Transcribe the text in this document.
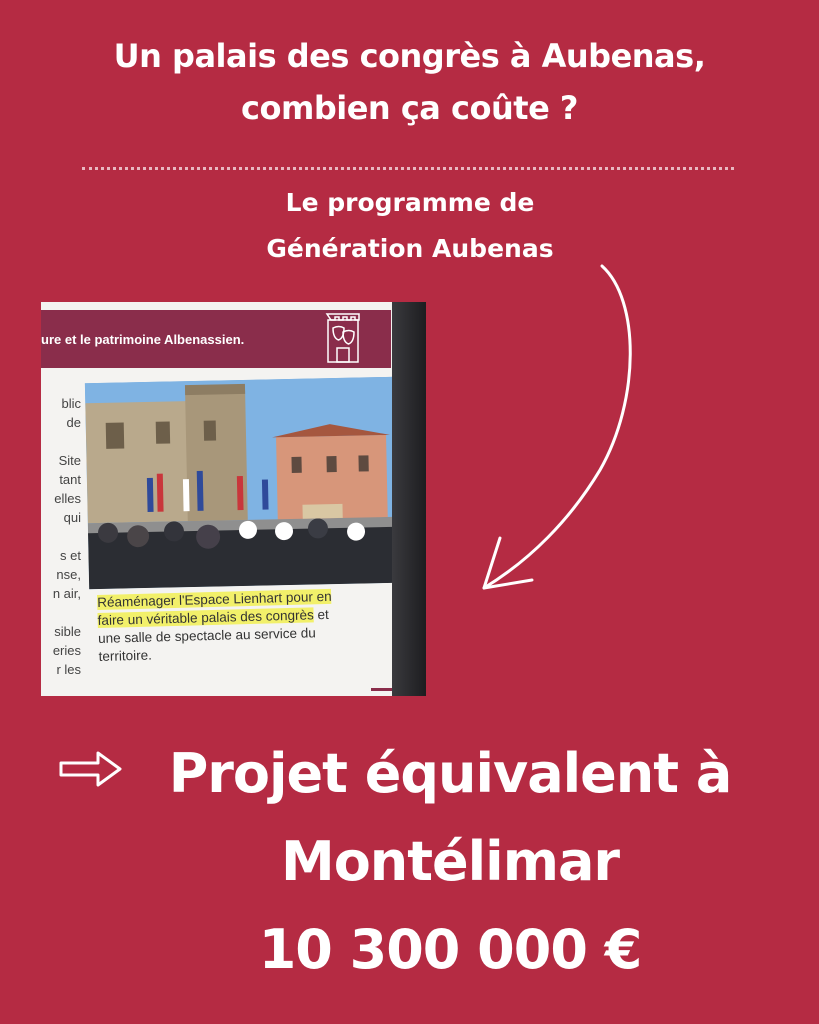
Un palais des congrès à Aubenas,
combien ça coûte ?
Le programme de
Génération Aubenas
ure et le patrimoine Albenassien.
blic
de
Site
tant
elles
qui
s et
nse,
n air,
sible
eries
r les

Réaménager l'Espace Lienhart pour en

faire un véritable palais des congrès et

une salle de spectacle au service du

territoire.

Projet équivalent à
Montélimar
10 300 000 €
